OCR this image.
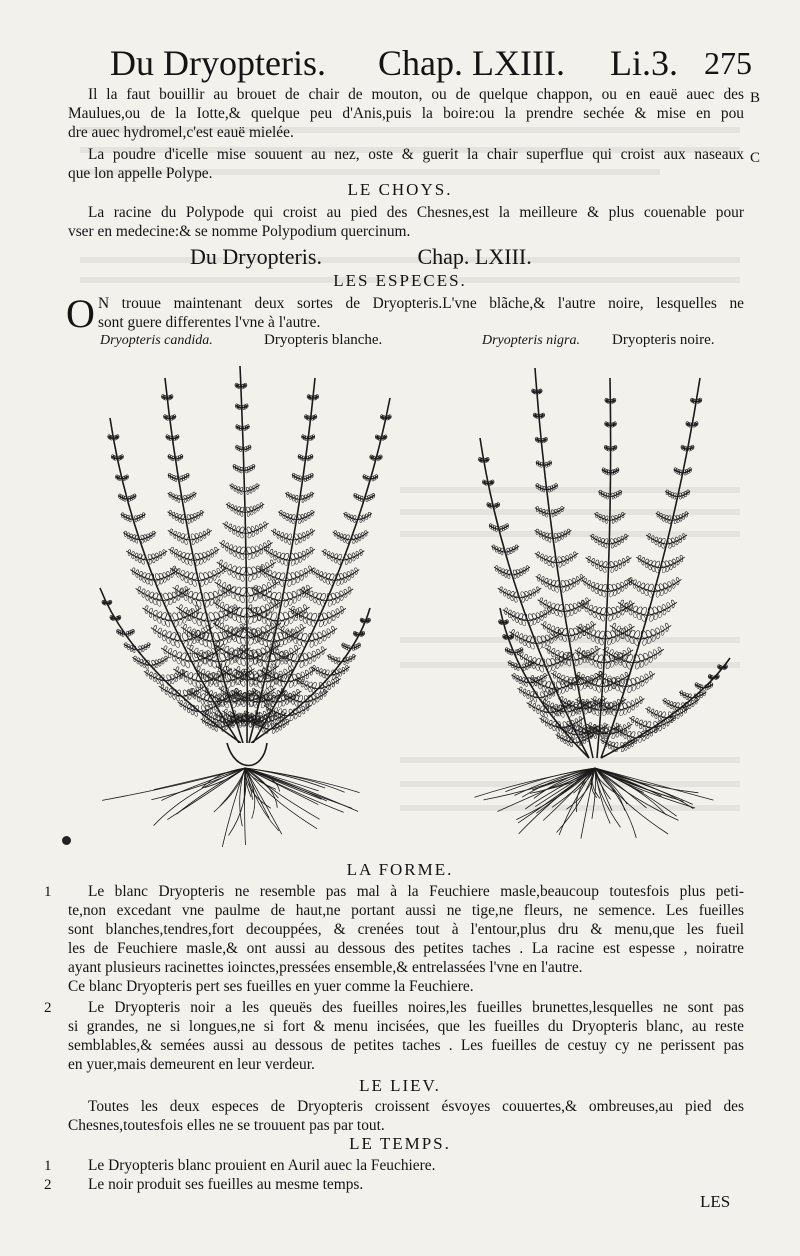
Du Dryopteris. Chap. LXIII. Li.3. 275
Il la faut bouillir au brouet de chair de mouton, ou de quelque chappon, ou en eauë auec des
Maulues,ou de la Iotte,& quelque peu d'Anis,puis la boire:ou la prendre sechée & mise en pou
dre auec hydromel,c'est eauë mielée.
La poudre d'icelle mise souuent au nez, oste & guerit la chair superflue qui croist aux naseaux
que lon appelle Polype.
B
C
LE CHOYS.
La racine du Polypode qui croist au pied des Chesnes,est la meilleure & plus couenable pour
vser en medecine:& se nomme Polypodium quercinum.
Du Dryopteris.	Chap. LXIII.
LES ESPECES.
O N trouue maintenant deux sortes de Dryopteris.L'vne blãche,& l'autre noire, lesquelles ne
sont guere differentes l'vne à l'autre.
Dryopteris candida.	Dryopteris blanche.	Dryopteris nigra. Dryopteris noire.
LA FORME.
1 Le blanc Dryopteris ne resemble pas mal à la Feuchiere masle,beaucoup toutesfois plus peti-
te,non excedant vne paulme de haut,ne portant aussi ne tige,ne fleurs, ne semence. Les fueilles
sont blanches,tendres,fort decouppées, & crenées tout à l'entour,plus dru & menu,que les fueil
les de Feuchiere masle,& ont aussi au dessous des petites taches . La racine est espesse , noiratre
ayant plusieurs racinettes ioinctes,pressées ensemble,& entrelassées l'vne en l'autre.
Ce blanc Dryopteris pert ses fueilles en yuer comme la Feuchiere.
2 Le Dryopteris noir a les queuës des fueilles noires,les fueilles brunettes,lesquelles ne sont pas
si grandes, ne si longues,ne si fort & menu incisées, que les fueilles du Dryopteris blanc, au reste
semblables,& semées aussi au dessous de petites taches . Les fueilles de cestuy cy ne perissent pas
en yuer,mais demeurent en leur verdeur.
LE LIEV.
Toutes les deux especes de Dryopteris croissent ésvoyes couuertes,& ombreuses,au pied des
Chesnes,toutesfois elles ne se trouuent pas par tout.
LE TEMPS.
1 Le Dryopteris blanc prouient en Auril auec la Feuchiere.
2 Le noir produit ses fueilles au mesme temps.
LES
